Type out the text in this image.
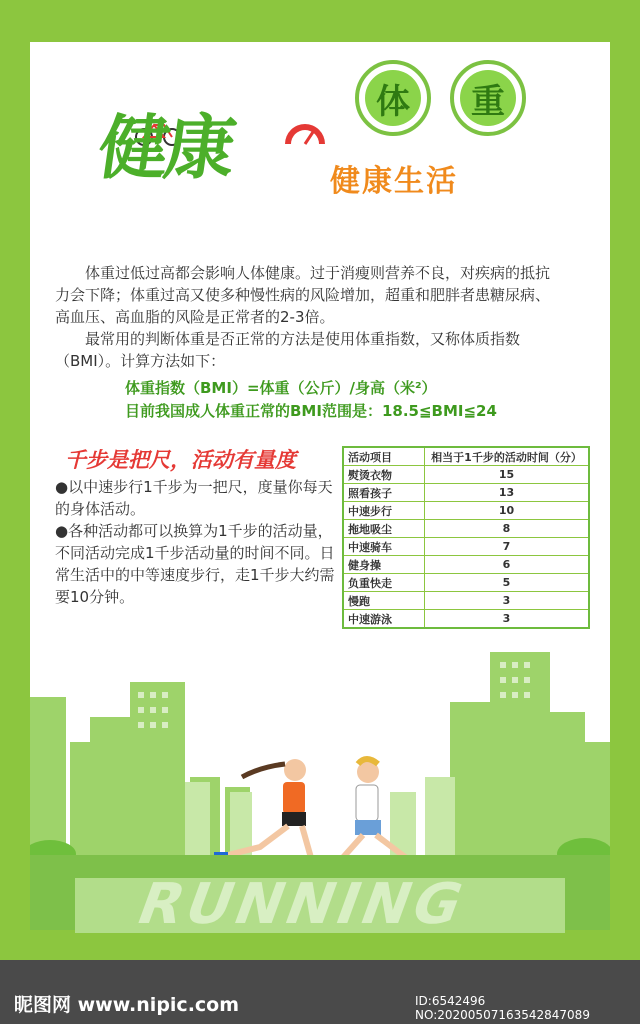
健康
体	重
健康生活
体重过低过高都会影响人体健康。过于消瘦则营养不良，对疾病的抵抗力会下降；体重过高又使多种慢性病的风险增加，超重和肥胖者患糖尿病、高血压、高血脂的风险是正常者的2-3倍。
最常用的判断体重是否正常的方法是使用体重指数，又称体质指数（BMI）。计算方法如下：
体重指数（BMI）=体重（公斤）/身高（米²）
目前我国成人体重正常的BMI范围是：18.5≦BMI≦24
千步是把尺，活动有量度
●以中速步行1千步为一把尺，度量你每天的身体活动。
●各种活动都可以换算为1千步的活动量，不同活动完成1千步活动量的时间不同。日常生活中的中等速度步行，走1千步大约需要10分钟。
活动项目	相当于1千步的活动时间（分）
熨烫衣物	15
照看孩子	13
中速步行	10
拖地吸尘	8
中速骑车	7
健身操	6
负重快走	5
慢跑	3
中速游泳	3
RUNNING
昵图网 www.nipic.com	ID:6542496 NO:20200507163542847089
